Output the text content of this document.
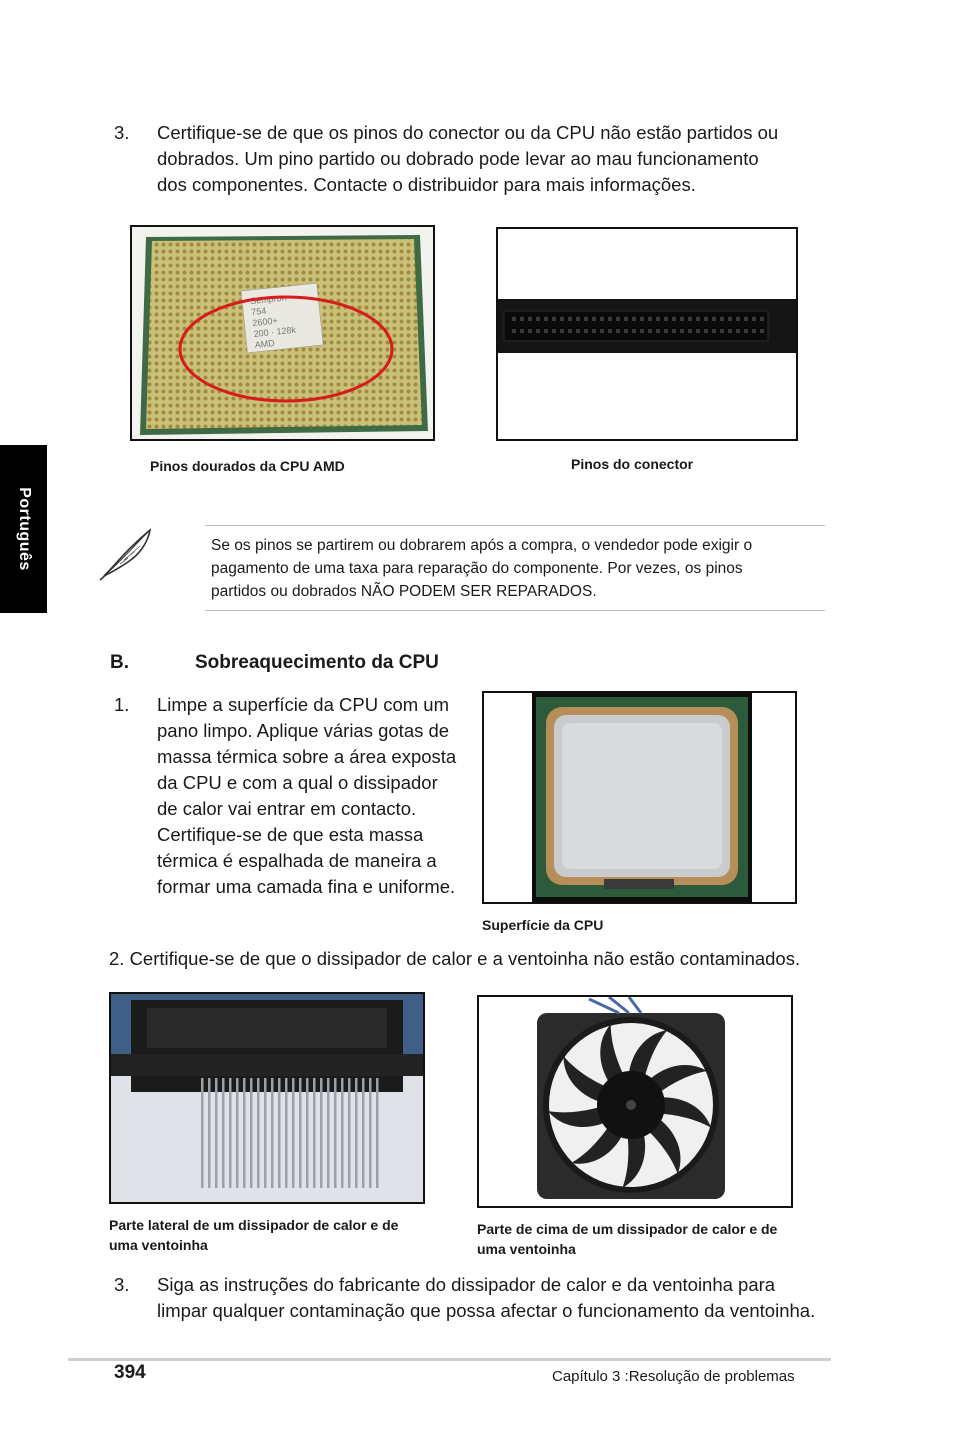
Português
3.	Certifique-se de que os pinos do conector ou da CPU não estão partidos ou
dobrados. Um pino partido ou dobrado pode levar ao mau funcionamento
dos componentes. Contacte o distribuidor para mais informações.
Sempron
754
2600+
200 · 128k
AMD
Pinos dourados da CPU AMD	Pinos do conector
Se os pinos se partirem ou dobrarem após a compra, o vendedor pode exigir o
pagamento de uma taxa para reparação do componente. Por vezes, os pinos
partidos ou dobrados NÃO PODEM SER REPARADOS.
B.	Sobreaquecimento da CPU
1.	Limpe a superfície da CPU com um
pano limpo. Aplique várias gotas de
massa térmica sobre a área exposta
da CPU e com a qual o dissipador
de calor vai entrar em contacto.
Certifique-se de que esta massa
térmica é espalhada de maneira a
formar uma camada fina e uniforme.
Superfície da CPU
2. Certifique-se de que o dissipador de calor e a ventoinha não estão contaminados.
Parte lateral de um dissipador de calor e de
uma ventoinha
Parte de cima de um dissipador de calor e de
uma ventoinha
3.	Siga as instruções do fabricante do dissipador de calor e da ventoinha para
limpar qualquer contaminação que possa afectar o funcionamento da ventoinha.
394	Capítulo 3 :Resolução de problemas
